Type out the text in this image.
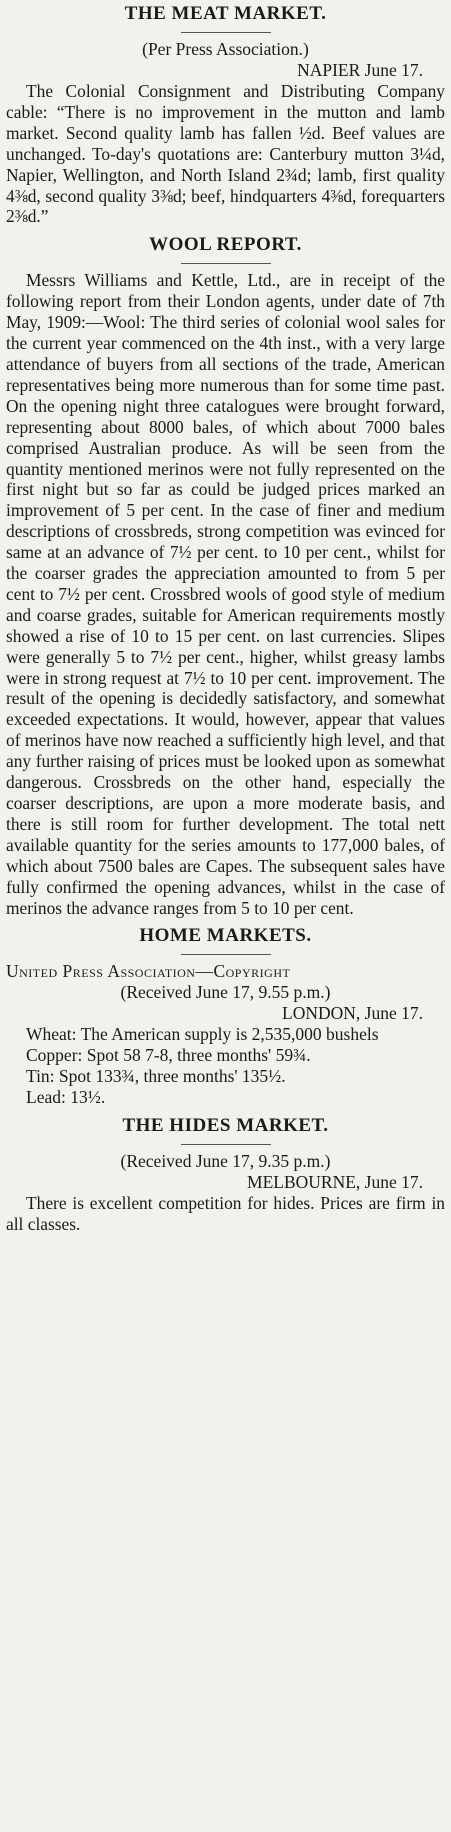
THE MEAT MARKET.

(Per Press Association.)

NAPIER June 17.

The Colonial Consignment and Distributing Company cable: “There is no improvement in the mutton and lamb market. Second quality lamb has fallen ½d. Beef values are unchanged. To-day's quotations are: Canterbury mutton 3¼d, Napier, Wellington, and North Island 2¾d; lamb, first quality 4⅜d, second quality 3⅜d; beef, hindquarters 4⅜d, forequarters 2⅜d.”

WOOL REPORT.

Messrs Williams and Kettle, Ltd., are in receipt of the following report from their London agents, under date of 7th May, 1909:—Wool: The third series of colonial wool sales for the current year commenced on the 4th inst., with a very large attendance of buyers from all sections of the trade, American representatives being more numerous than for some time past. On the opening night three catalogues were brought forward, representing about 8000 bales, of which about 7000 bales comprised Australian produce. As will be seen from the quantity mentioned merinos were not fully represented on the first night but so far as could be judged prices marked an improvement of 5 per cent. In the case of finer and medium descriptions of crossbreds, strong competition was evinced for same at an advance of 7½ per cent. to 10 per cent., whilst for the coarser grades the appreciation amounted to from 5 per cent to 7½ per cent. Crossbred wools of good style of medium and coarse grades, suitable for American requirements mostly showed a rise of 10 to 15 per cent. on last currencies. Slipes were generally 5 to 7½ per cent., higher, whilst greasy lambs were in strong request at 7½ to 10 per cent. improvement. The result of the opening is decidedly satisfactory, and somewhat exceeded expectations. It would, however, appear that values of merinos have now reached a sufficiently high level, and that any further raising of prices must be looked upon as somewhat dangerous. Crossbreds on the other hand, especially the coarser descriptions, are upon a more moderate basis, and there is still room for further development. The total nett available quantity for the series amounts to 177,000 bales, of which about 7500 bales are Capes. The subsequent sales have fully confirmed the opening advances, whilst in the case of merinos the advance ranges from 5 to 10 per cent.

HOME MARKETS.

United Press Association—Copyright

(Received June 17, 9.55 p.m.)

LONDON, June 17.

Wheat: The American supply is 2,535,000 bushels

Copper: Spot 58 7-8, three months' 59¾.

Tin: Spot 133¾, three months' 135½.

Lead: 13½.

THE HIDES MARKET.

(Received June 17, 9.35 p.m.)

MELBOURNE, June 17.

There is excellent competition for hides. Prices are firm in all classes.
